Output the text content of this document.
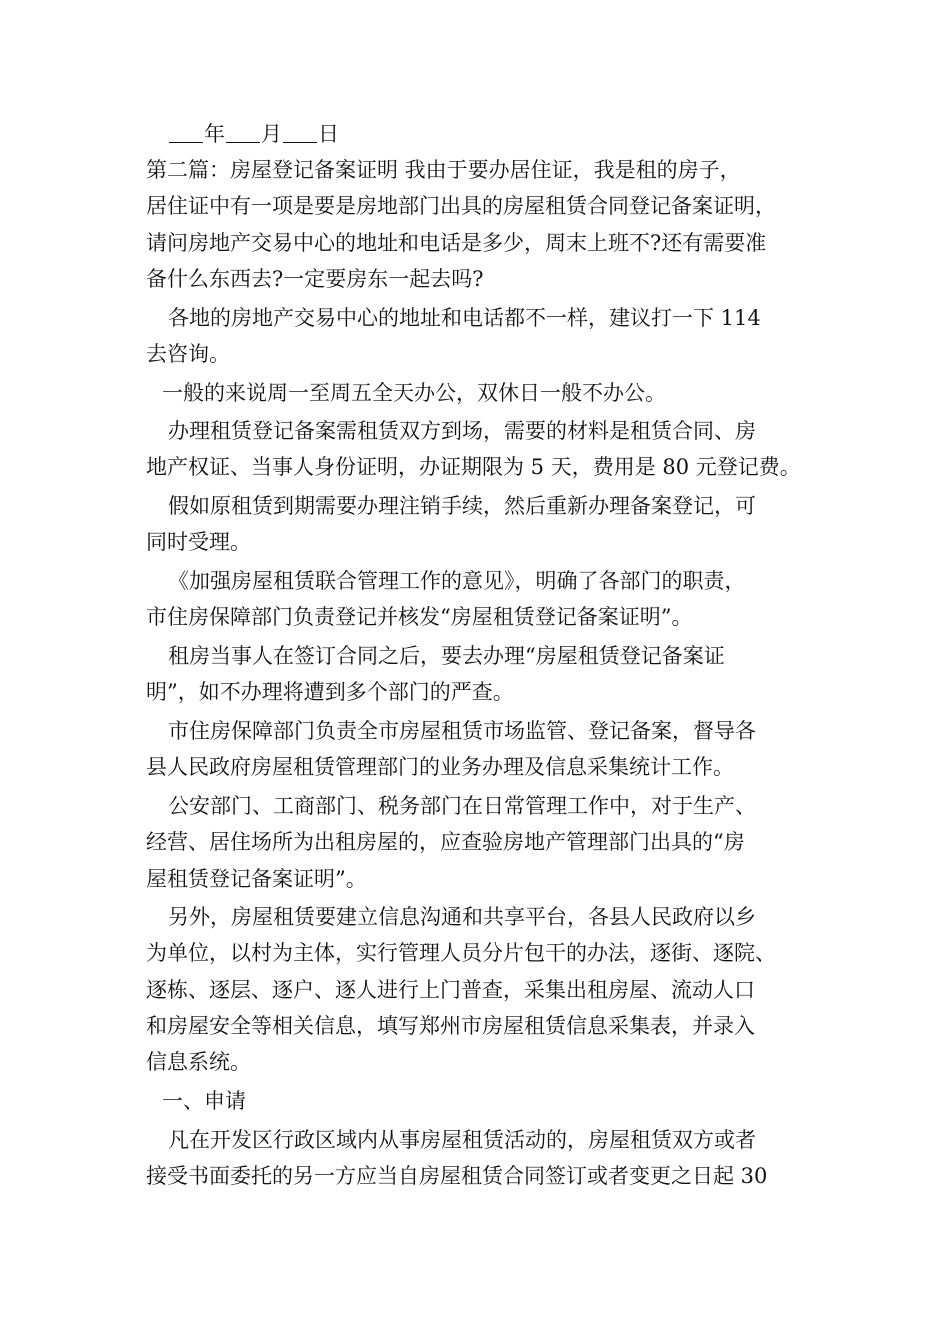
年 月 日
第二篇：房屋登记备案证明 我由于要办居住证，我是租的房子，
居住证中有一项是要是房地部门出具的房屋租赁合同登记备案证明，
请问房地产交易中心的地址和电话是多少，周末上班不?还有需要准
备什么东西去?一定要房东一起去吗?
各地的房地产交易中心的地址和电话都不一样，建议打一下 114
去咨询。
一般的来说周一至周五全天办公，双休日一般不办公。
办理租赁登记备案需租赁双方到场，需要的材料是租赁合同、房
地产权证、当事人身份证明，办证期限为 5 天，费用是 80 元登记费。
假如原租赁到期需要办理注销手续，然后重新办理备案登记，可
同时受理。
《加强房屋租赁联合管理工作的意见》，明确了各部门的职责，
市住房保障部门负责登记并核发“房屋租赁登记备案证明”。
租房当事人在签订合同之后，要去办理“房屋租赁登记备案证
明”，如不办理将遭到多个部门的严查。
市住房保障部门负责全市房屋租赁市场监管、登记备案，督导各
县人民政府房屋租赁管理部门的业务办理及信息采集统计工作。
公安部门、工商部门、税务部门在日常管理工作中，对于生产、
经营、居住场所为出租房屋的，应查验房地产管理部门出具的“房
屋租赁登记备案证明”。
另外，房屋租赁要建立信息沟通和共享平台，各县人民政府以乡
为单位，以村为主体，实行管理人员分片包干的办法，逐街、逐院、
逐栋、逐层、逐户、逐人进行上门普查，采集出租房屋、流动人口
和房屋安全等相关信息，填写郑州市房屋租赁信息采集表，并录入
信息系统。
一、申请
凡在开发区行政区域内从事房屋租赁活动的，房屋租赁双方或者
接受书面委托的另一方应当自房屋租赁合同签订或者变更之日起 30
